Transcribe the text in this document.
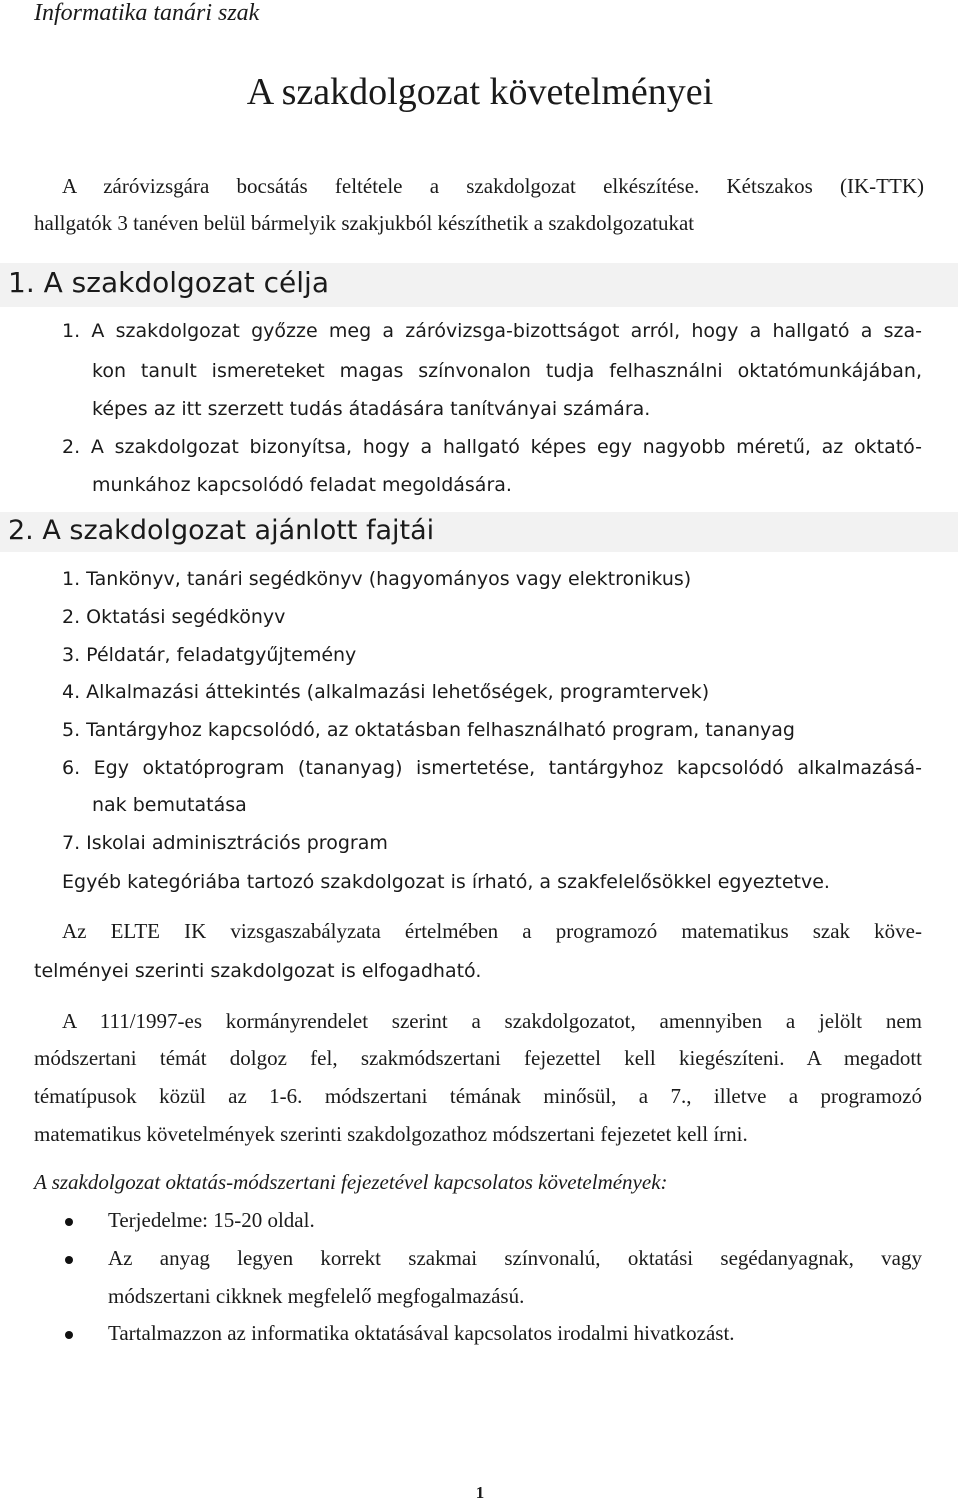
Informatika tanári szak
A szakdolgozat követelményei
A záróvizsgára bocsátás feltétele a szakdolgozat elkészítése. Kétszakos (IK-TTK)
hallgatók 3 tanéven belül bármelyik szakjukból készíthetik a szakdolgozatukat
1. A szakdolgozat célja
1. A szakdolgozat győzze meg a záróvizsga-bizottságot arról, hogy a hallgató a sza-
kon tanult ismereteket magas színvonalon tudja felhasználni oktatómunkájában,
képes az itt szerzett tudás átadására tanítványai számára.
2. A szakdolgozat bizonyítsa, hogy a hallgató képes egy nagyobb méretű, az oktató-
munkához kapcsolódó feladat megoldására.
2. A szakdolgozat ajánlott fajtái
1. Tankönyv, tanári segédkönyv (hagyományos vagy elektronikus)
2. Oktatási segédkönyv
3. Példatár, feladatgyűjtemény
4. Alkalmazási áttekintés (alkalmazási lehetőségek, programtervek)
5. Tantárgyhoz kapcsolódó, az oktatásban felhasználható program, tananyag
6. Egy oktatóprogram (tananyag) ismertetése, tantárgyhoz kapcsolódó alkalmazásá-
nak bemutatása
7. Iskolai adminisztrációs program
Egyéb kategóriába tartozó szakdolgozat is írható, a szakfelelősökkel egyeztetve.
Az ELTE IK vizsgaszabályzata értelmében a programozó matematikus szak köve-
telményei szerinti szakdolgozat is elfogadható.
A 111/1997-es kormányrendelet szerint a szakdolgozatot, amennyiben a jelölt nem
módszertani témát dolgoz fel, szakmódszertani fejezettel kell kiegészíteni. A megadott
tématípusok közül az 1-6. módszertani témának minősül, a 7., illetve a programozó
matematikus követelmények szerinti szakdolgozathoz módszertani fejezetet kell írni.
A szakdolgozat oktatás-módszertani fejezetével kapcsolatos követelmények:
Terjedelme: 15-20 oldal.
Az anyag legyen korrekt szakmai színvonalú, oktatási segédanyagnak, vagy
módszertani cikknek megfelelő megfogalmazású.
Tartalmazzon az informatika oktatásával kapcsolatos irodalmi hivatkozást.
1
